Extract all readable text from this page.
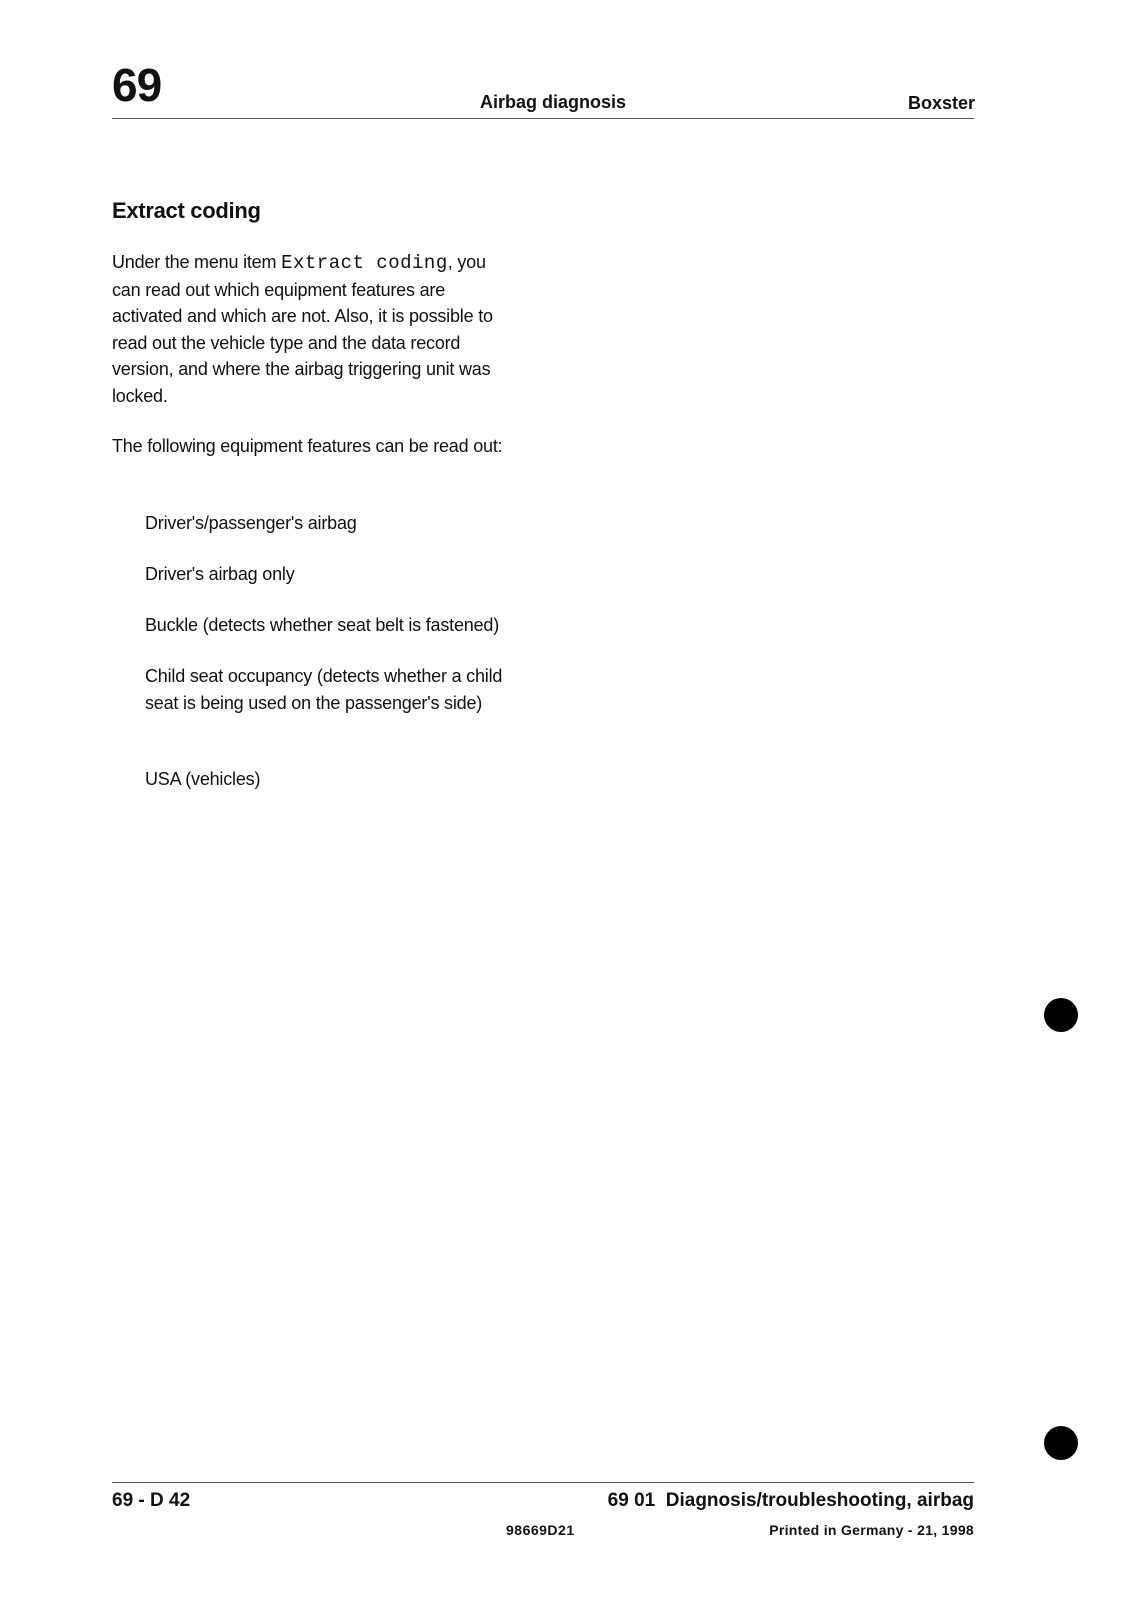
69	Airbag diagnosis	Boxster
Extract coding
Under the menu item Extract coding, you can read out which equipment features are activated and which are not. Also, it is possible to read out the vehicle type and the data record version, and where the airbag triggering unit was locked.
The following equipment features can be read out:
Driver's/passenger's airbag
Driver's airbag only
Buckle (detects whether seat belt is fastened)
Child seat occupancy (detects whether a child seat is being used on the passenger's side)
USA (vehicles)
69 - D 42	69 01  Diagnosis/troubleshooting, airbag
98669D21	Printed in Germany - 21, 1998
